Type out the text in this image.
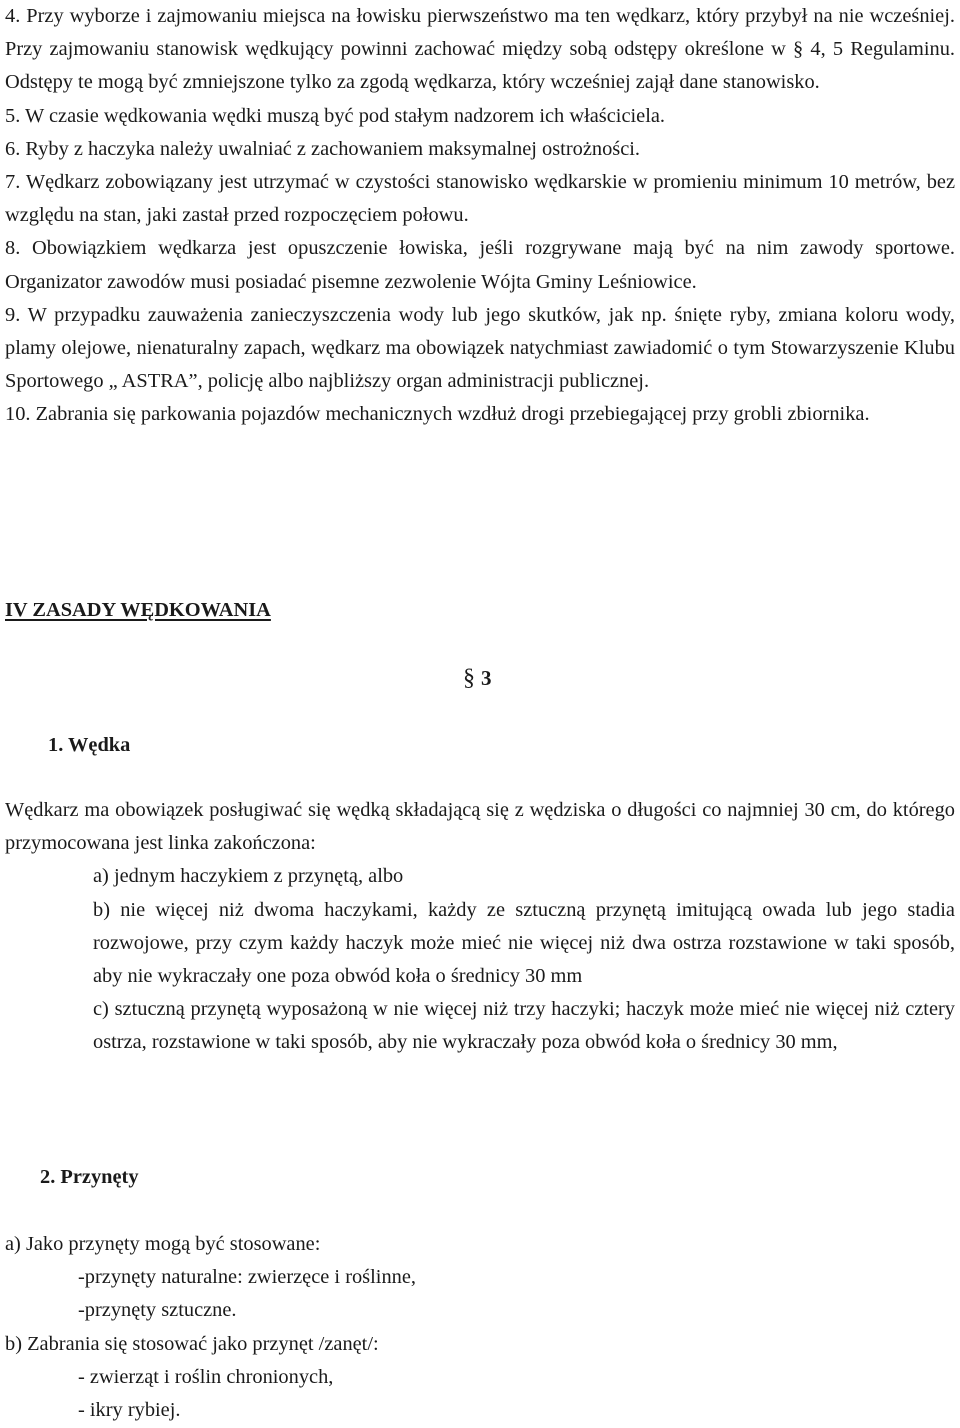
4. Przy wyborze i zajmowaniu miejsca na łowisku pierwszeństwo ma ten wędkarz, który przybył na nie wcześniej. Przy zajmowaniu stanowisk wędkujący powinni zachować między sobą odstępy określone w § 4, 5 Regulaminu. Odstępy te mogą być zmniejszone tylko za zgodą wędkarza, który wcześniej zajął dane stanowisko.

5. W czasie wędkowania wędki muszą być pod stałym nadzorem ich właściciela.

6. Ryby z haczyka należy uwalniać z zachowaniem maksymalnej ostrożności.

7. Wędkarz zobowiązany jest utrzymać w czystości stanowisko wędkarskie w promieniu minimum 10 metrów, bez względu na stan, jaki zastał przed rozpoczęciem połowu.

8. Obowiązkiem wędkarza jest opuszczenie łowiska, jeśli rozgrywane mają być na nim zawody sportowe. Organizator zawodów musi posiadać pisemne zezwolenie Wójta Gminy Leśniowice.

9. W przypadku zauważenia zanieczyszczenia wody lub jego skutków, jak np. śnięte ryby, zmiana koloru wody, plamy olejowe, nienaturalny zapach, wędkarz ma obowiązek natychmiast zawiadomić o tym Stowarzyszenie Klubu Sportowego „ ASTRA”, policję albo najbliższy organ administracji publicznej.

10. Zabrania się parkowania pojazdów mechanicznych wzdłuż drogi przebiegającej przy grobli zbiornika.

IV ZASADY WĘDKOWANIA

§ 3

1. Wędka

Wędkarz ma obowiązek posługiwać się wędką składającą się z wędziska o długości co najmniej 30 cm, do którego przymocowana jest linka zakończona:

a) jednym haczykiem z przynętą, albo

b) nie więcej niż dwoma haczykami, każdy ze sztuczną przynętą imitującą owada lub jego stadia rozwojowe, przy czym każdy haczyk może mieć nie więcej niż dwa ostrza rozstawione w taki sposób, aby nie wykraczały one poza obwód koła o średnicy 30 mm

c) sztuczną przynętą wyposażoną w nie więcej niż trzy haczyki; haczyk może mieć nie więcej niż cztery ostrza, rozstawione w taki sposób, aby nie wykraczały poza obwód koła o średnicy 30 mm,

2. Przynęty

a) Jako przynęty mogą być stosowane:

-przynęty naturalne: zwierzęce i roślinne,

-przynęty sztuczne.

b) Zabrania się stosować jako przynęt /zanęt/:

- zwierząt i roślin chronionych,

- ikry rybiej.
